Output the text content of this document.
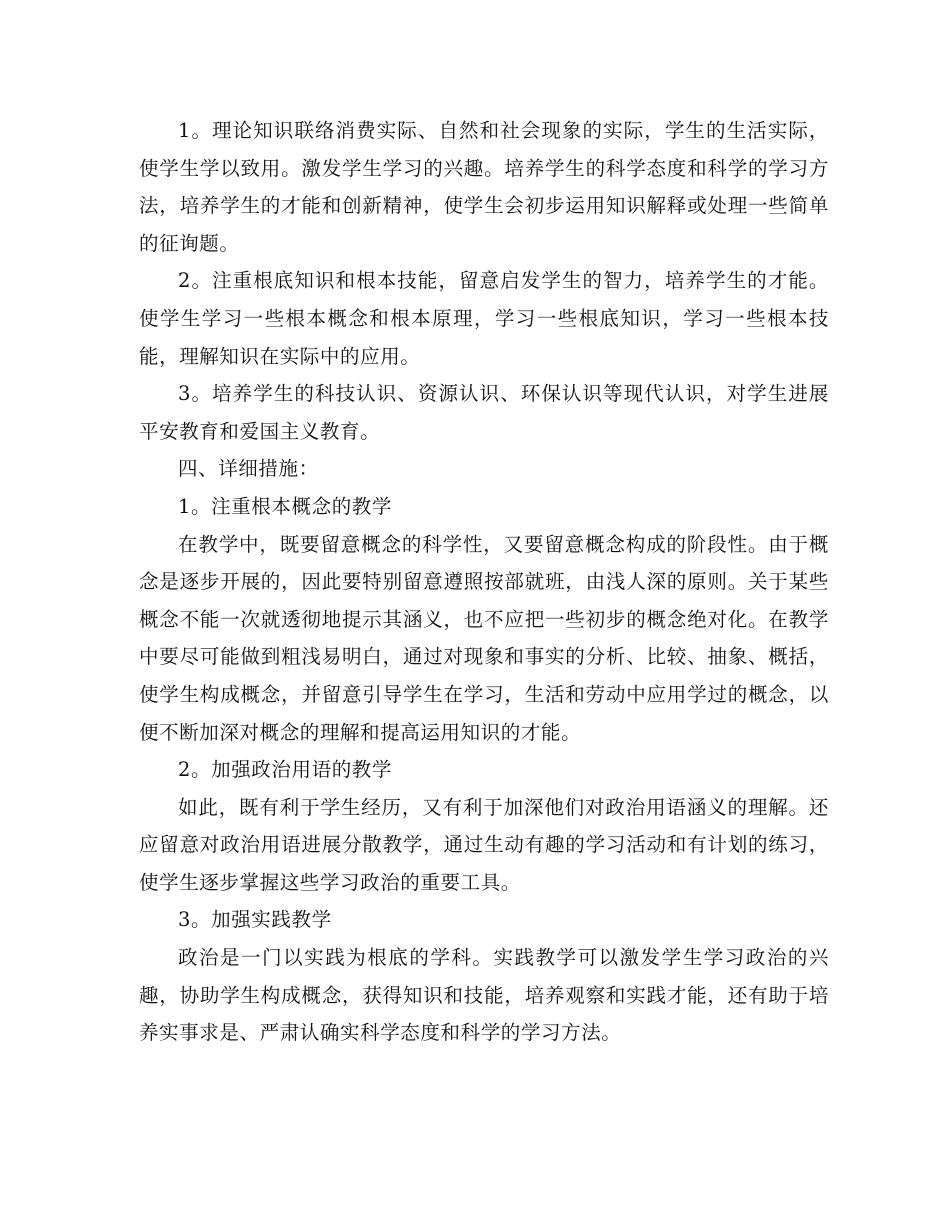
1。理论知识联络消费实际、自然和社会现象的实际，学生的生活实际，使学生学以致用。激发学生学习的兴趣。培养学生的科学态度和科学的学习方法，培养学生的才能和创新精神，使学生会初步运用知识解释或处理一些简单的征询题。

2。注重根底知识和根本技能，留意启发学生的智力，培养学生的才能。使学生学习一些根本概念和根本原理，学习一些根底知识，学习一些根本技能，理解知识在实际中的应用。

3。培养学生的科技认识、资源认识、环保认识等现代认识，对学生进展平安教育和爱国主义教育。

四、详细措施：

1。注重根本概念的教学

在教学中，既要留意概念的科学性，又要留意概念构成的阶段性。由于概念是逐步开展的，因此要特别留意遵照按部就班，由浅人深的原则。关于某些概念不能一次就透彻地提示其涵义，也不应把一些初步的概念绝对化。在教学中要尽可能做到粗浅易明白，通过对现象和事实的分析、比较、抽象、概括，使学生构成概念，并留意引导学生在学习，生活和劳动中应用学过的概念，以便不断加深对概念的理解和提高运用知识的才能。

2。加强政治用语的教学

如此，既有利于学生经历，又有利于加深他们对政治用语涵义的理解。还应留意对政治用语进展分散教学，通过生动有趣的学习活动和有计划的练习，使学生逐步掌握这些学习政治的重要工具。

3。加强实践教学

政治是一门以实践为根底的学科。实践教学可以激发学生学习政治的兴趣，协助学生构成概念，获得知识和技能，培养观察和实践才能，还有助于培养实事求是、严肃认确实科学态度和科学的学习方法。
